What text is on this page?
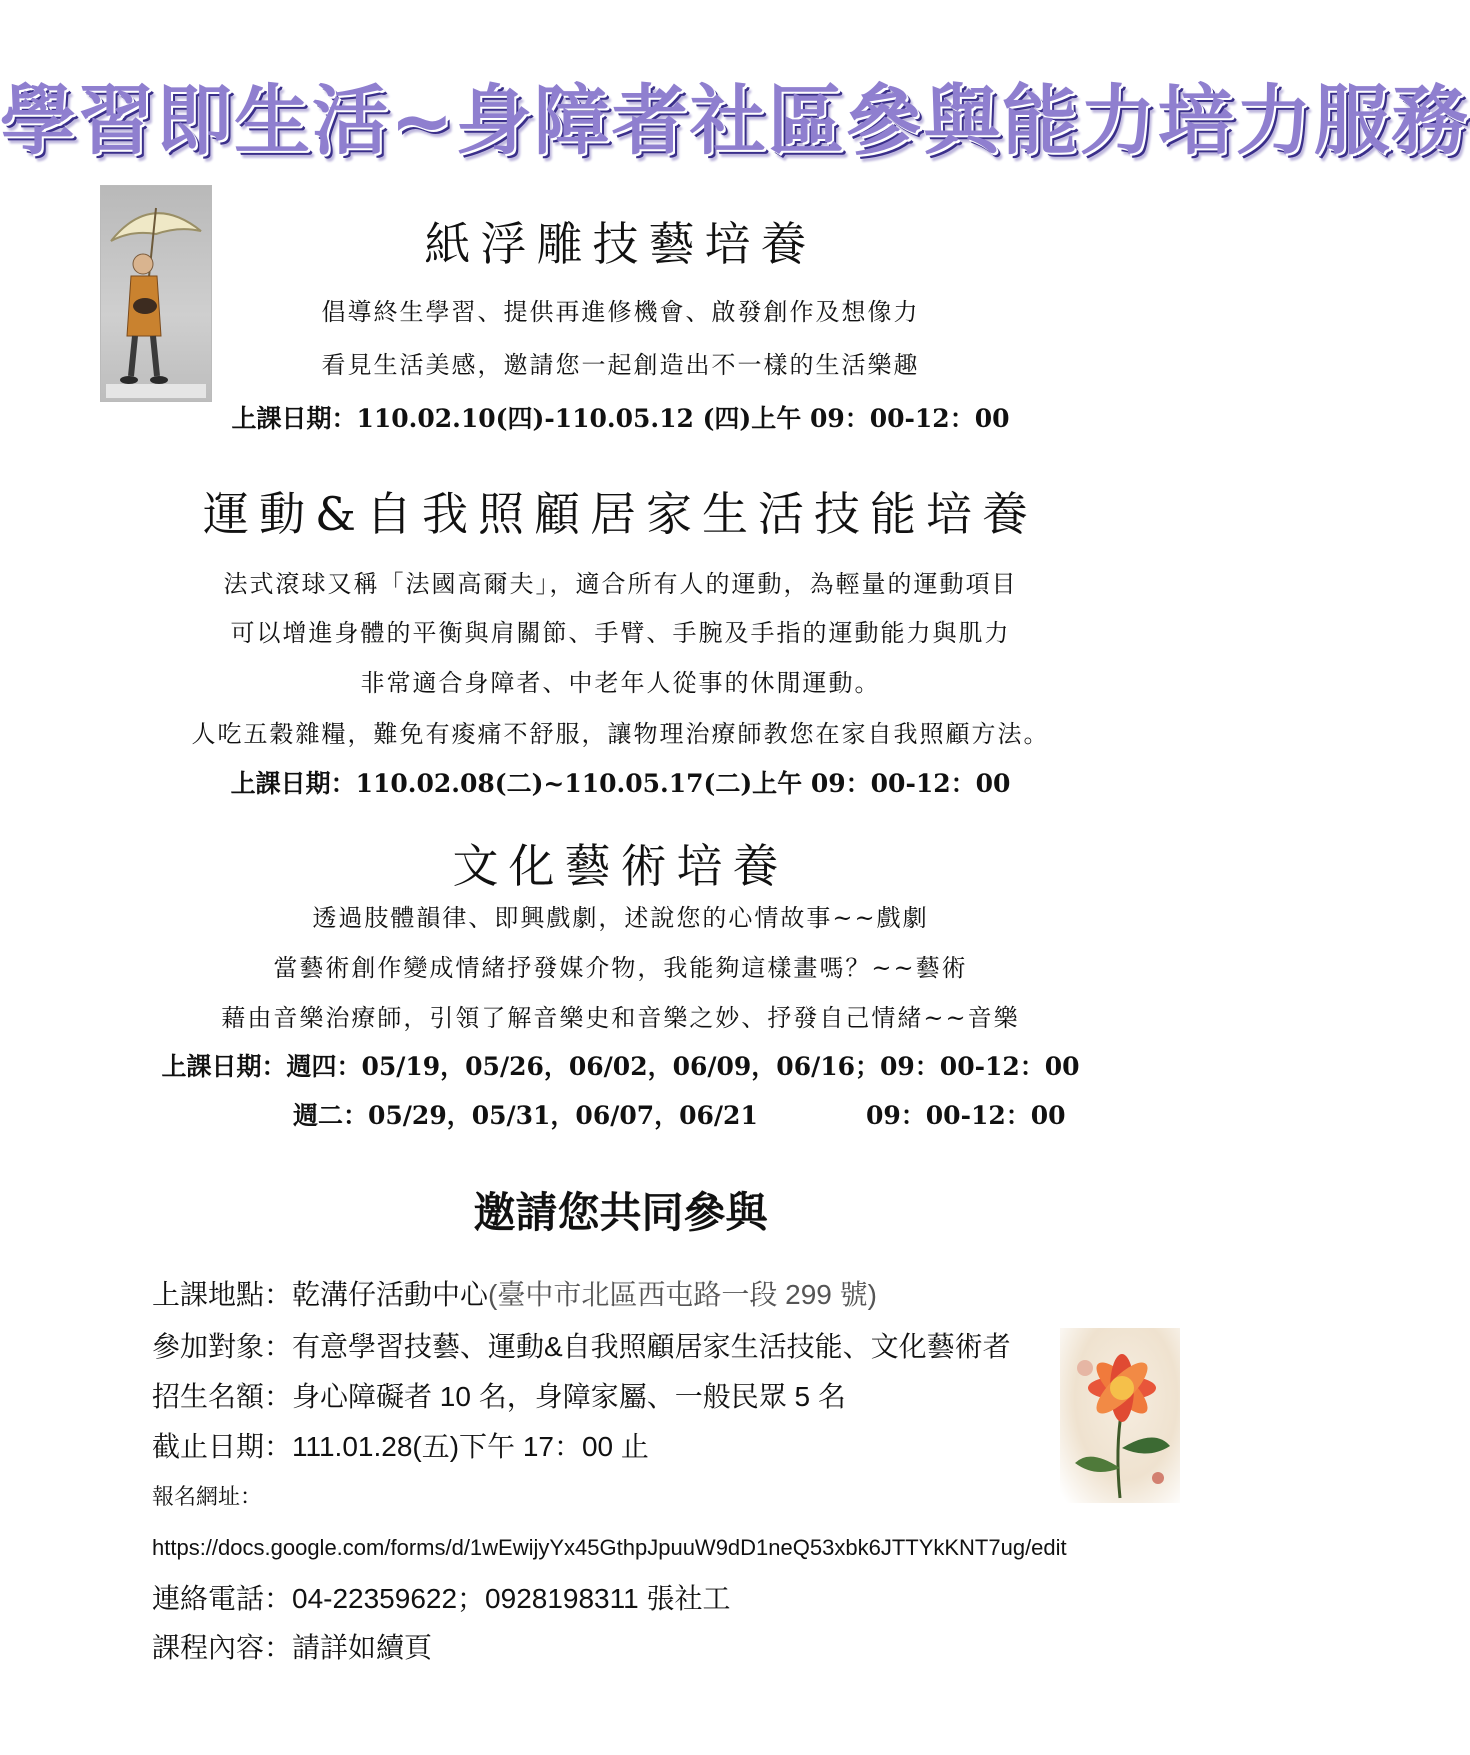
學習即生活~身障者社區參與能力培力服務
紙浮雕技藝培養
倡導終生學習、提供再進修機會、啟發創作及想像力
看見生活美感，邀請您一起創造出不一樣的生活樂趣
上課日期：110.02.10(四)-110.05.12 (四)上午 09：00-12：00
運動&自我照顧居家生活技能培養
法式滾球又稱「法國高爾夫」，適合所有人的運動，為輕量的運動項目
可以增進身體的平衡與肩關節、手臂、手腕及手指的運動能力與肌力
非常適合身障者、中老年人從事的休閒運動。
人吃五穀雜糧，難免有痠痛不舒服，讓物理治療師教您在家自我照顧方法。
上課日期：110.02.08(二)~110.05.17(二)上午 09：00-12：00
文化藝術培養
透過肢體韻律、即興戲劇，述說您的心情故事~~戲劇
當藝術創作變成情緒抒發媒介物，我能夠這樣畫嗎？~~藝術
藉由音樂治療師，引領了解音樂史和音樂之妙、抒發自己情緒~~音樂
上課日期：週四：05/19，05/26，06/02，06/09，06/16；09：00-12：00
週二：05/29，05/31，06/07，06/21	09：00-12：00
邀請您共同參與
上課地點：乾溝仔活動中心(臺中市北區西屯路一段 299 號)
參加對象：有意學習技藝、運動&自我照顧居家生活技能、文化藝術者
招生名額：身心障礙者 10 名，身障家屬、一般民眾 5 名
截止日期：111.01.28(五)下午 17：00 止
報名網址：
https://docs.google.com/forms/d/1wEwijyYx45GthpJpuuW9dD1neQ53xbk6JTTYkKNT7ug/edit
連絡電話：04-22359622；0928198311 張社工
課程內容：請詳如續頁
